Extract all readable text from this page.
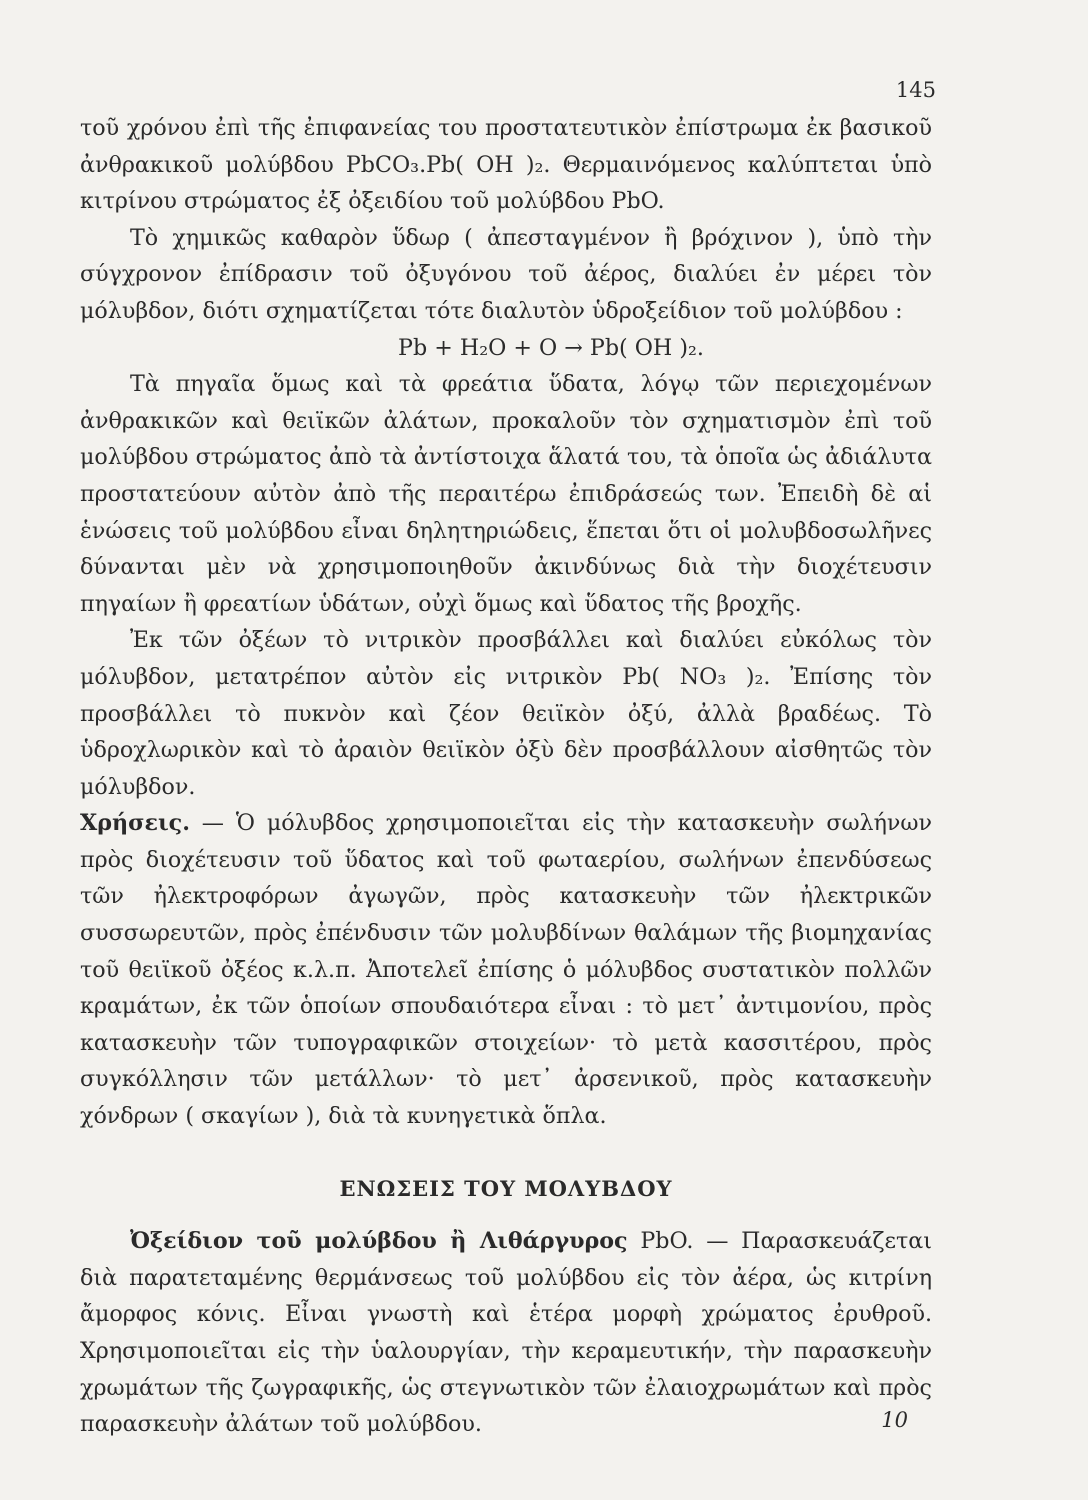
145

τοῦ χρόνου ἐπὶ τῆς ἐπιφανείας του προστατευτικὸν ἐπίστρωμα ἐκ βασικοῦ ἀνθρακικοῦ μολύβδου PbCO₃.Pb( OH )₂. Θερμαινόμενος καλύπτεται ὑπὸ κιτρίνου στρώματος ἐξ ὀξειδίου τοῦ μολύβδου PbO.

Τὸ χημικῶς καθαρὸν ὕδωρ ( ἀπεσταγμένον ἢ βρόχινον ), ὑπὸ τὴν σύγχρονον ἐπίδρασιν τοῦ ὀξυγόνου τοῦ ἀέρος, διαλύει ἐν μέρει τὸν μόλυβδον, διότι σχηματίζεται τότε διαλυτὸν ὑδροξείδιον τοῦ μολύβδου :

Pb + H₂O + O → Pb( OH )₂.

Τὰ πηγαῖα ὅμως καὶ τὰ φρεάτια ὕδατα, λόγῳ τῶν περιεχομένων ἀνθρακικῶν καὶ θειϊκῶν ἀλάτων, προκαλοῦν τὸν σχηματισμὸν ἐπὶ τοῦ μολύβδου στρώματος ἀπὸ τὰ ἀντίστοιχα ἅλατά του, τὰ ὁποῖα ὡς ἀδιάλυτα προστατεύουν αὐτὸν ἀπὸ τῆς περαιτέρω ἐπιδράσεώς των. Ἐπειδὴ δὲ αἱ ἑνώσεις τοῦ μολύβδου εἶναι δηλητηριώδεις, ἕπεται ὅτι οἱ μολυβδοσωλῆνες δύνανται μὲν νὰ χρησιμοποιηθοῦν ἀκινδύνως διὰ τὴν διοχέτευσιν πηγαίων ἢ φρεατίων ὑδάτων, οὐχὶ ὅμως καὶ ὕδατος τῆς βροχῆς.

Ἐκ τῶν ὀξέων τὸ νιτρικὸν προσβάλλει καὶ διαλύει εὐκόλως τὸν μόλυβδον, μετατρέπον αὐτὸν εἰς νιτρικὸν Pb( NO₃ )₂. Ἐπίσης τὸν προσβάλλει τὸ πυκνὸν καὶ ζέον θειϊκὸν ὀξύ, ἀλλὰ βραδέως. Τὸ ὑδροχλωρικὸν καὶ τὸ ἀραιὸν θειϊκὸν ὀξὺ δὲν προσβάλλουν αἰσθητῶς τὸν μόλυβδον.

Χρήσεις. — Ὁ μόλυβδος χρησιμοποιεῖται εἰς τὴν κατασκευὴν σωλήνων πρὸς διοχέτευσιν τοῦ ὕδατος καὶ τοῦ φωταερίου, σωλήνων ἐπενδύσεως τῶν ἠλεκτροφόρων ἀγωγῶν, πρὸς κατασκευὴν τῶν ἠλεκτρικῶν συσσωρευτῶν, πρὸς ἐπένδυσιν τῶν μολυβδίνων θαλάμων τῆς βιομηχανίας τοῦ θειϊκοῦ ὀξέος κ.λ.π. Ἀποτελεῖ ἐπίσης ὁ μόλυβδος συστατικὸν πολλῶν κραμάτων, ἐκ τῶν ὁποίων σπουδαιότερα εἶναι : τὸ μετ᾽ ἀντιμονίου, πρὸς κατασκευὴν τῶν τυπογραφικῶν στοιχείων· τὸ μετὰ κασσιτέρου, πρὸς συγκόλλησιν τῶν μετάλλων· τὸ μετ᾽ ἀρσενικοῦ, πρὸς κατασκευὴν χόνδρων ( σκαγίων ), διὰ τὰ κυνηγετικὰ ὅπλα.

ΕΝΩΣΕΙΣ ΤΟΥ ΜΟΛΥΒΔΟΥ

Ὀξείδιον τοῦ μολύβδου ἢ Λιθάργυρος PbO. — Παρασκευάζεται διὰ παρατεταμένης θερμάνσεως τοῦ μολύβδου εἰς τὸν ἀέρα, ὡς κιτρίνη ἄμορφος κόνις. Εἶναι γνωστὴ καὶ ἑτέρα μορφὴ χρώματος ἐρυθροῦ. Χρησιμοποιεῖται εἰς τὴν ὑαλουργίαν, τὴν κεραμευτικήν, τὴν παρασκευὴν χρωμάτων τῆς ζωγραφικῆς, ὡς στεγνωτικὸν τῶν ἐλαιοχρωμάτων καὶ πρὸς παρασκευὴν ἀλάτων τοῦ μολύβδου.	10
